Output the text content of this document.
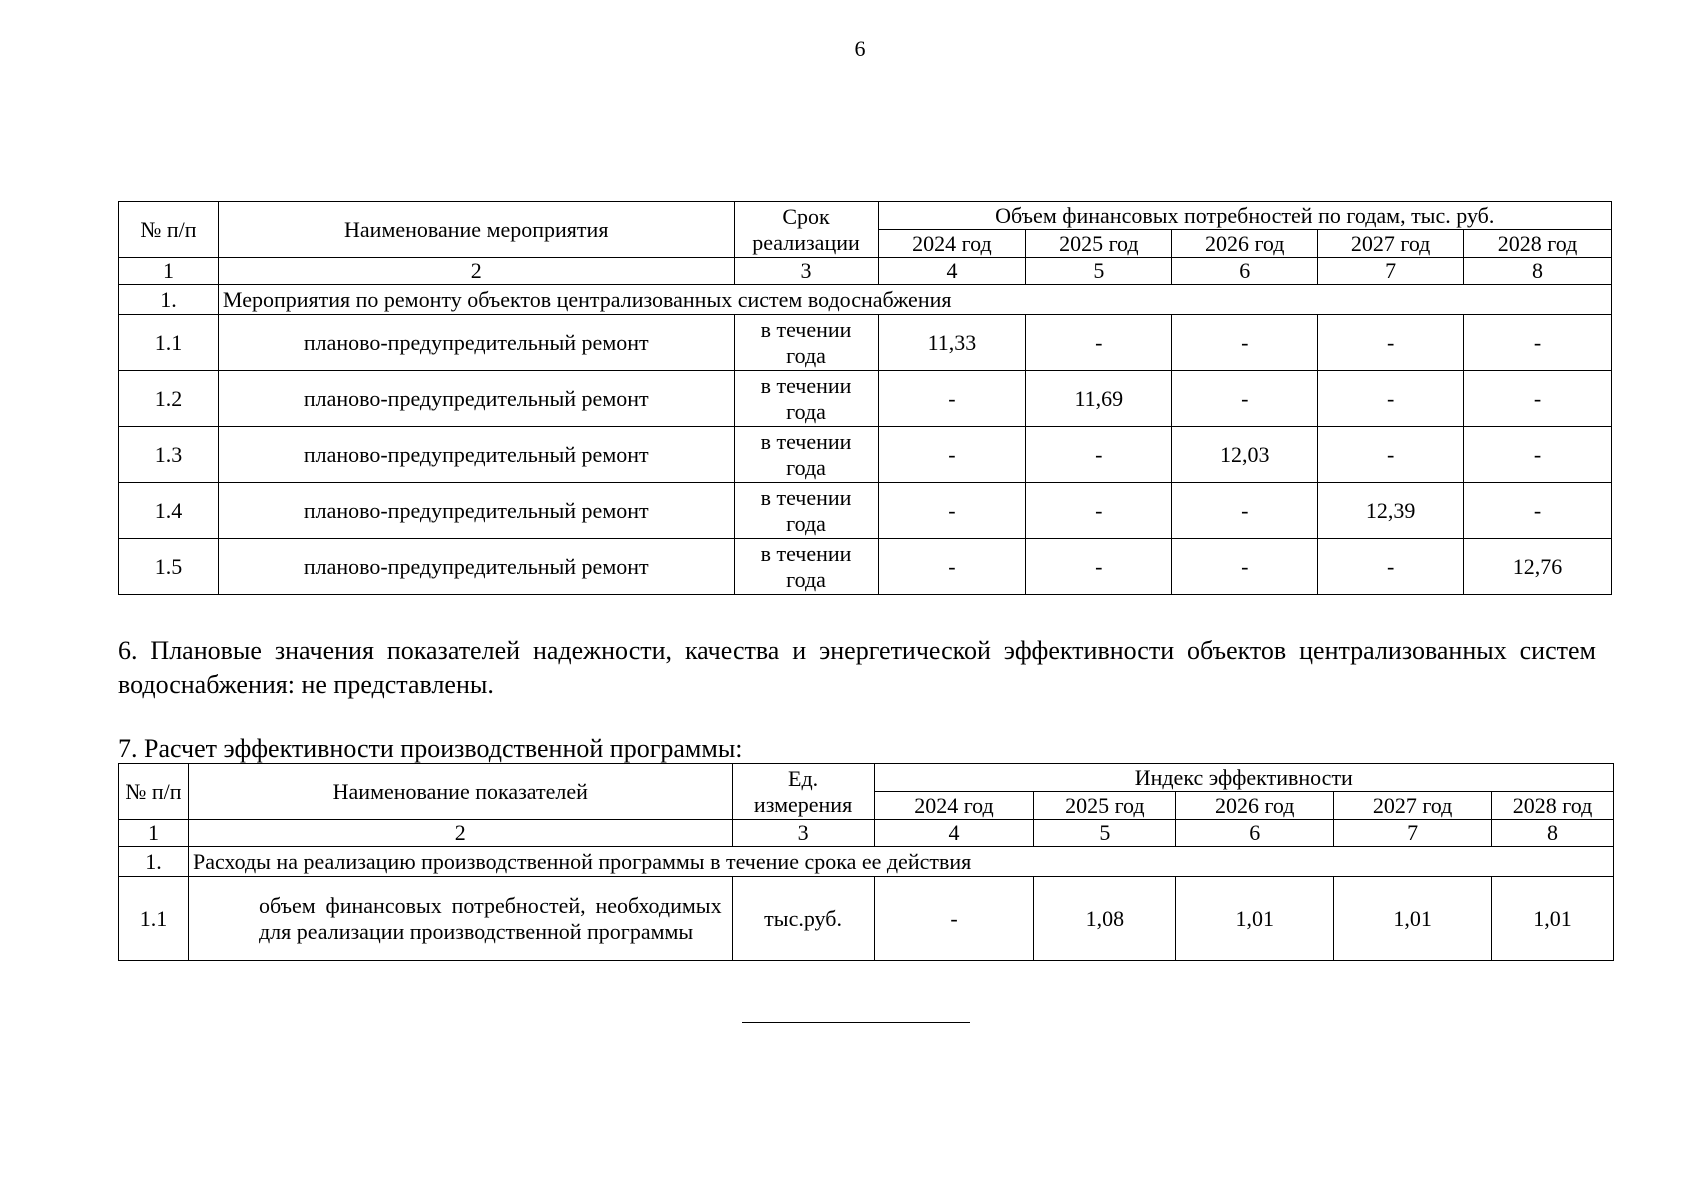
6
№ п/п	Наименование мероприятия	Срок реализации	Объем финансовых потребностей по годам, тыс. руб.				
			2024 год	2025 год	2026 год	2027 год	2028 год
1	2	3	4	5	6	7	8
1.	Мероприятия по ремонту объектов централизованных систем водоснабжения						
1.1	планово-предупредительный ремонт	в течении года	11,33	-	-	-	-
1.2	планово-предупредительный ремонт	в течении года	-	11,69	-	-	-
1.3	планово-предупредительный ремонт	в течении года	-	-	12,03	-	-
1.4	планово-предупредительный ремонт	в течении года	-	-	-	12,39	-
1.5	планово-предупредительный ремонт	в течении года	-	-	-	-	12,76
6. Плановые значения показателей надежности, качества и энергетической эффективности объектов централизованных систем водоснабжения: не представлены.
7. Расчет эффективности производственной программы:
№ п/п	Наименование показателей	Ед. измерения	Индекс эффективности				
			2024 год	2025 год	2026 год	2027 год	2028 год
1	2	3	4	5	6	7	8
1.	Расходы на реализацию производственной программы в течение срока ее действия						
1.1	объем финансовых потребностей, необходимых для реализации производственной программы	тыс.руб.	-	1,08	1,01	1,01	1,01
